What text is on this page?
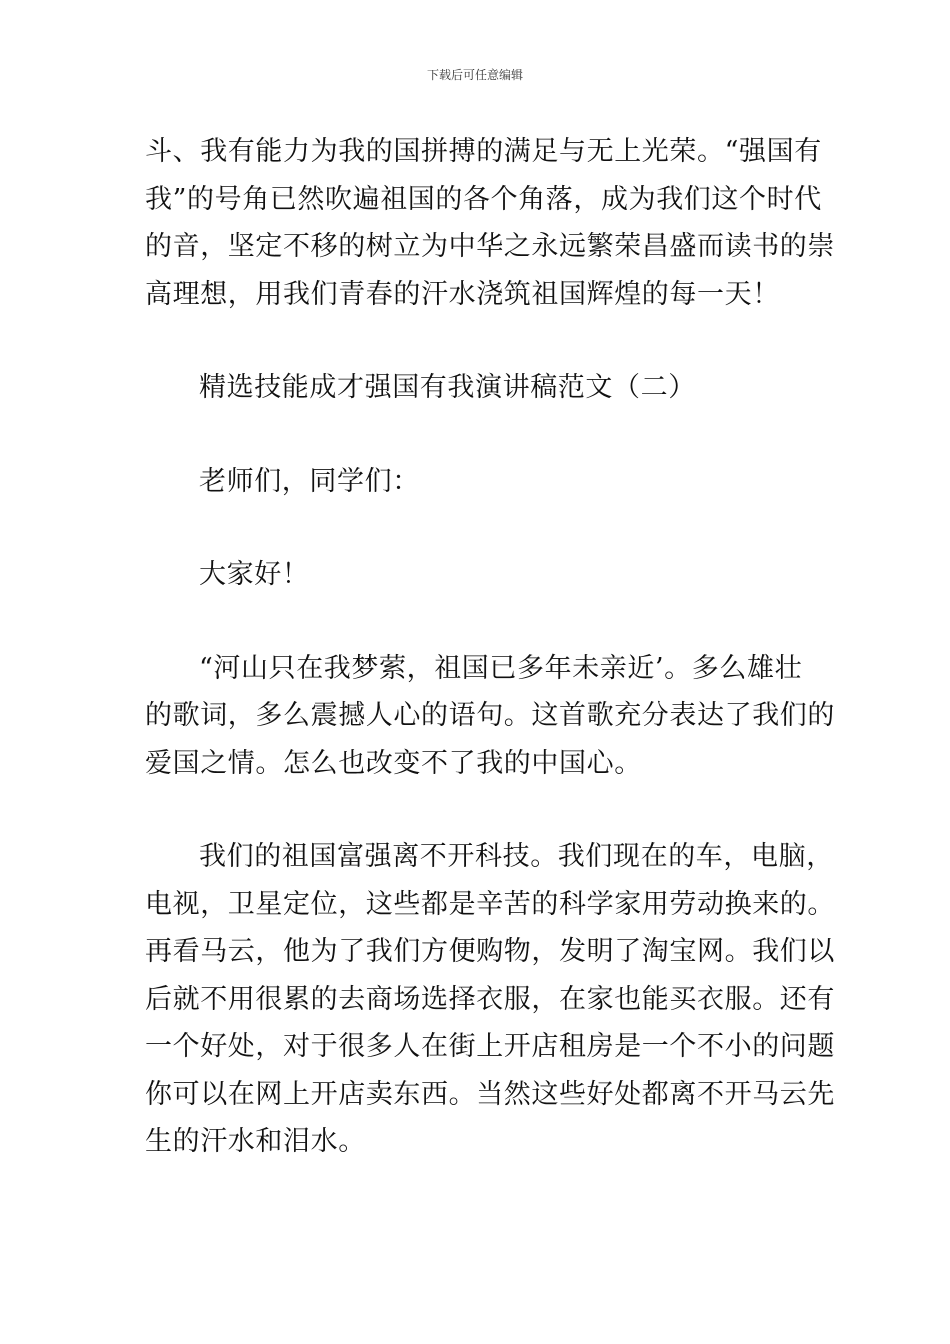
下载后可任意编辑

斗、我有能力为我的国拼搏的满足与无上光荣。“强国有
我”的号角已然吹遍祖国的各个角落，成为我们这个时代
的音，坚定不移的树立为中华之永远繁荣昌盛而读书的崇
高理想，用我们青春的汗水浇筑祖国辉煌的每一天！

精选技能成才强国有我演讲稿范文（二）

老师们，同学们：

大家好！

“河山只在我梦萦，祖国已多年未亲近’。多么雄壮
的歌词，多么震撼人心的语句。这首歌充分表达了我们的
爱国之情。怎么也改变不了我的中国心。

我们的祖国富强离不开科技。我们现在的车，电脑，
电视，卫星定位，这些都是辛苦的科学家用劳动换来的。
再看马云，他为了我们方便购物，发明了淘宝网。我们以
后就不用很累的去商场选择衣服，在家也能买衣服。还有
一个好处，对于很多人在街上开店租房是一个不小的问题
你可以在网上开店卖东西。当然这些好处都离不开马云先
生的汗水和泪水。
